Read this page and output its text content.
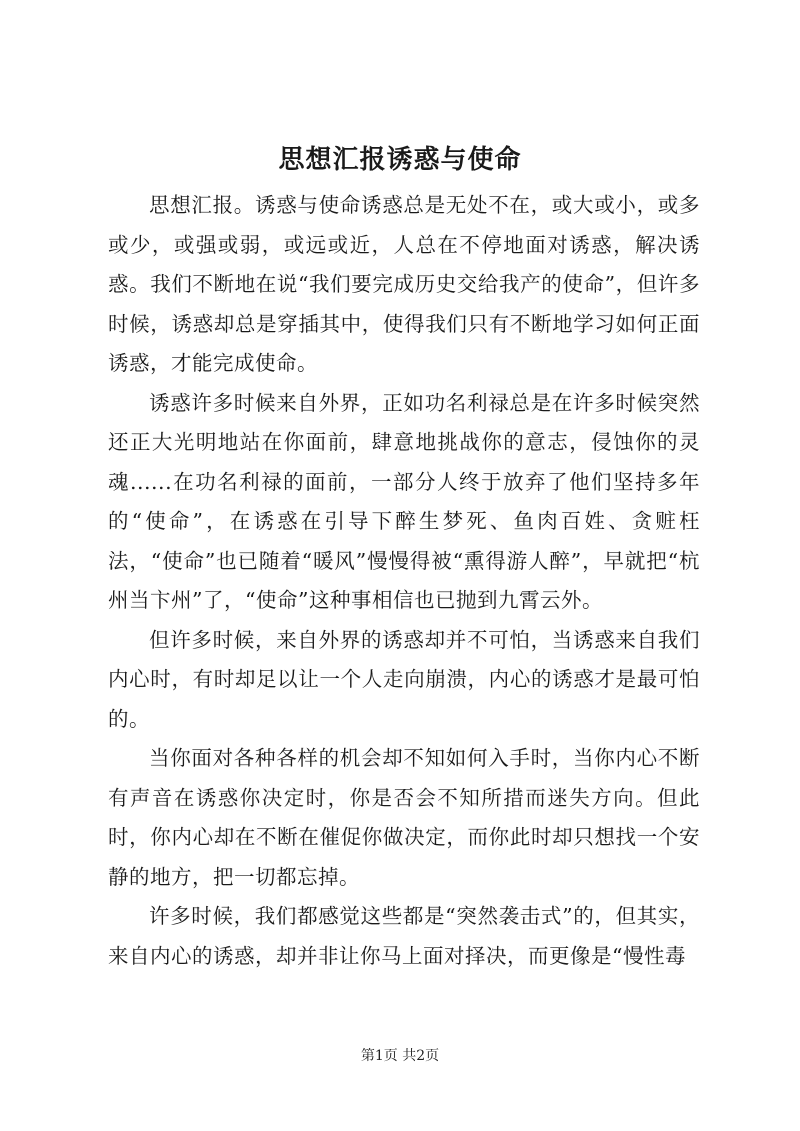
思想汇报诱惑与使命

思想汇报。诱惑与使命诱惑总是无处不在，或大或小，或多或少，或强或弱，或远或近，人总在不停地面对诱惑，解决诱惑。我们不断地在说“我们要完成历史交给我产的使命”，但许多时候，诱惑却总是穿插其中，使得我们只有不断地学习如何正面诱惑，才能完成使命。

诱惑许多时候来自外界，正如功名利禄总是在许多时候突然还正大光明地站在你面前，肆意地挑战你的意志，侵蚀你的灵魂......在功名利禄的面前，一部分人终于放弃了他们坚持多年的“使命”，在诱惑在引导下醉生梦死、鱼肉百姓、贪赃枉法，“使命”也已随着“暖风”慢慢得被“熏得游人醉”，早就把“杭州当卞州”了，“使命”这种事相信也已抛到九霄云外。

但许多时候，来自外界的诱惑却并不可怕，当诱惑来自我们内心时，有时却足以让一个人走向崩溃，内心的诱惑才是最可怕的。

当你面对各种各样的机会却不知如何入手时，当你内心不断有声音在诱惑你决定时，你是否会不知所措而迷失方向。但此时，你内心却在不断在催促你做决定，而你此时却只想找一个安静的地方，把一切都忘掉。

许多时候，我们都感觉这些都是“突然袭击式”的，但其实，来自内心的诱惑，却并非让你马上面对择决，而更像是“慢性毒

第1页 共2页
